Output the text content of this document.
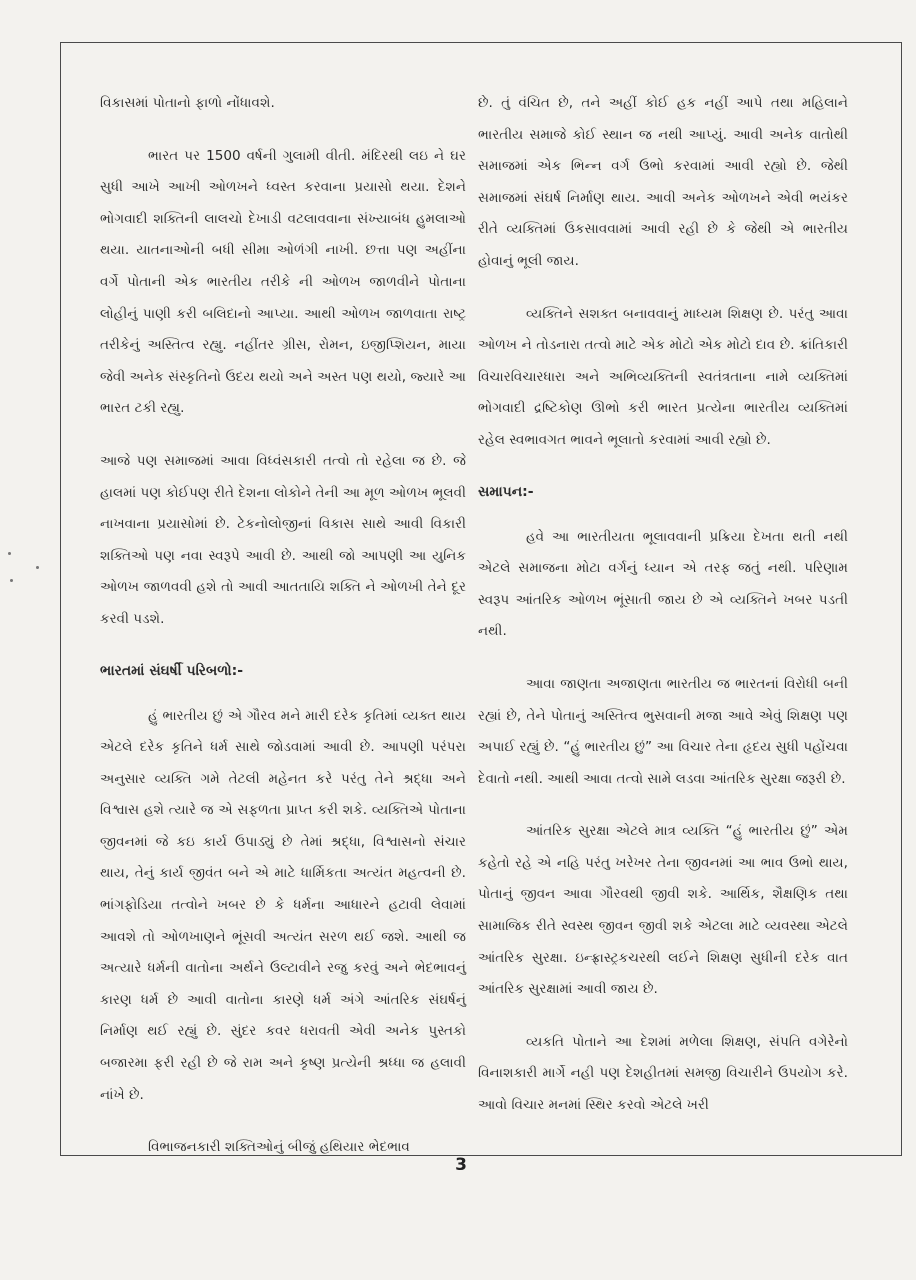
વિકાસમાં પોતાનો ફાળો નોંધાવશે.

ભારત પર 1500 વર્ષની ગુલામી વીતી. મંદિરથી લઇ ને ઘર સુધી આખે આખી ઓળખને ધ્વસ્ત કરવાના પ્રયાસો થયા. દેશને ભોગવાદી શક્તિની લાલચો દેખાડી વટલાવવાના સંખ્યાબંધ હુમલાઓ થયા. યાતનાઓની બધી સીમા ઓળંગી નાખી. છત્તા પણ અહીંના વર્ગે પોતાની એક ભારતીય તરીકે ની ઓળખ જાળવીને પોતાના લોહીનું પાણી કરી બલિદાનો આપ્યા. આથી ઓળખ જાળવાતા રાષ્ટ્ર તરીકેનું અસ્તિત્વ રહ્યુ. નહીંતર ગ્રીસ, રોમન, ઇજીપ્શિયન, માયા જેવી અનેક સંસ્કૃતિનો ઉદય થયો અને અસ્ત પણ થયો, જ્યારે આ ભારત ટકી રહ્યુ.

આજે પણ સમાજમાં આવા વિધ્વંસકારી તત્વો તો રહેલા જ છે. જે હાલમાં પણ કોઈપણ રીતે દેશના લોકોને તેની આ મૂળ ઓળખ ભૂલવી નાખવાના પ્રયાસોમાં છે. ટેકનોલોજીનાં વિકાસ સાથે આવી વિકારી શક્તિઓ પણ નવા સ્વરૂપે આવી છે. આથી જો આપણી આ યુનિક ઓળખ જાળવવી હશે તો આવી આતતાયિ શક્તિ ને ઓળખી તેને દૂર કરવી પડશે.

ભારતમાં સંઘર્ષી પરિબળો:-

હું ભારતીય છું એ ગૌરવ મને મારી દરેક કૃતિમાં વ્યક્ત થાય એટલે દરેક કૃતિને ધર્મ સાથે જોડવામાં આવી છે. આપણી પરંપરા અનુસાર વ્યક્તિ ગમે તેટલી મહેનત કરે પરંતુ તેને શ્રદ્ધા અને વિશ્વાસ હશે ત્યારે જ એ સફળતા પ્રાપ્ત કરી શકે. વ્યક્તિએ પોતાના જીવનમાં જે કઇ કાર્ય ઉપાડ્યું છે તેમાં શ્રદ્ધા, વિશ્વાસનો સંચાર થાય, તેનું કાર્ય જીવંત બને એ માટે ધાર્મિકતા અત્યંત મહત્વની છે. ભાંગફોડિયા તત્વોને ખબર છે કે ધર્મના આધારને હટાવી લેવામાં આવશે તો ઓળખાણને ભૂંસવી અત્યંત સરળ થઈ જશે. આથી જ અત્યારે ધર્મની વાતોના અર્થને ઉલ્ટાવીને રજુ કરવું અને ભેદભાવનું કારણ ધર્મ છે આવી વાતોના કારણે ધર્મ અંગે આંતરિક સંઘર્ષનું નિર્માણ થઈ રહ્યું છે. સુંદર કવર ધરાવતી એવી અનેક પુસ્તકો બજારમા ફરી રહી છે જે રામ અને કૃષ્ણ પ્રત્યેની શ્રધ્ધા જ હલાવી નાંખે છે.

વિભાજનકારી શક્તિઓનું બીજું હથિયાર ભેદભાવ

છે. તું વંચિત છે, તને અહીં કોઈ હક નહીં આપે તથા મહિલાને ભારતીય સમાજે કોઈ સ્થાન જ નથી આપ્યું. આવી અનેક વાતોથી સમાજમાં એક ભિન્ન વર્ગ ઉભો કરવામાં આવી રહ્યો છે. જેથી સમાજમાં સંઘર્ષ નિર્માણ થાય. આવી અનેક ઓળખને એવી ભયંકર રીતે વ્યક્તિમાં ઉકસાવવામાં આવી રહી છે કે જેથી એ ભારતીય હોવાનું ભૂલી જાય.

વ્યક્તિને સશક્ત બનાવવાનું માધ્યમ શિક્ષણ છે. પરંતુ આવા ઓળખ ને તોડનારા તત્વો માટે એક મોટો એક મોટો દાવ છે. ક્રાંતિકારી વિચારવિચારધારા અને અભિવ્યક્તિની સ્વતંત્રતાના નામે વ્યક્તિમાં ભોગવાદી દ્રષ્ટિકોણ ઊભો કરી ભારત પ્રત્યેના ભારતીય વ્યક્તિમાં રહેલ સ્વભાવગત ભાવને ભૂલાતો કરવામાં આવી રહ્યો છે.

સમાપન:-

હવે આ ભારતીયતા ભૂલાવવાની પ્રક્રિયા દેખતા થતી નથી એટલે સમાજના મોટા વર્ગનું ધ્યાન એ તરફ જતું નથી. પરિણામ સ્વરૂપ આંતરિક ઓળખ ભૂંસાતી જાય છે એ વ્યક્તિને ખબર પડતી નથી.

આવા જાણતા અજાણતા ભારતીય જ ભારતનાં વિરોધી બની રહ્યાં છે, તેને પોતાનું અસ્તિત્વ ભુસવાની મજા આવે એવું શિક્ષણ પણ અપાઈ રહ્યું છે. “હું ભારતીય છું” આ વિચાર તેના હૃદય સુધી પહોંચવા દેવાતો નથી. આથી આવા તત્વો સામે લડવા આંતરિક સુરક્ષા જરૂરી છે.

આંતરિક સુરક્ષા એટલે માત્ર વ્યક્તિ “હું ભારતીય છું” એમ કહેતો રહે એ નહિ પરંતુ ખરેખર તેના જીવનમાં આ ભાવ ઉભો થાય, પોતાનું જીવન આવા ગૌરવથી જીવી શકે. આર્થિક, શૈક્ષણિક તથા સામાજિક રીતે સ્વસ્થ જીવન જીવી શકે એટલા માટે વ્યવસ્થા એટલે આંતરિક સુરક્ષા. ઇન્ફ્રાસ્ટ્રકચરથી લઈને શિક્ષણ સુધીની દરેક વાત આંતરિક સુરક્ષામાં આવી જાય છે.

વ્યકતિ પોતાને આ દેશમાં મળેલા શિક્ષણ, સંપતિ વગેરેનો વિનાશકારી માર્ગે નહી પણ દેશહીતમાં સમજી વિચારીને ઉપયોગ કરે. આવો વિચાર મનમાં સ્થિર કરવો એટલે ખરી

3
